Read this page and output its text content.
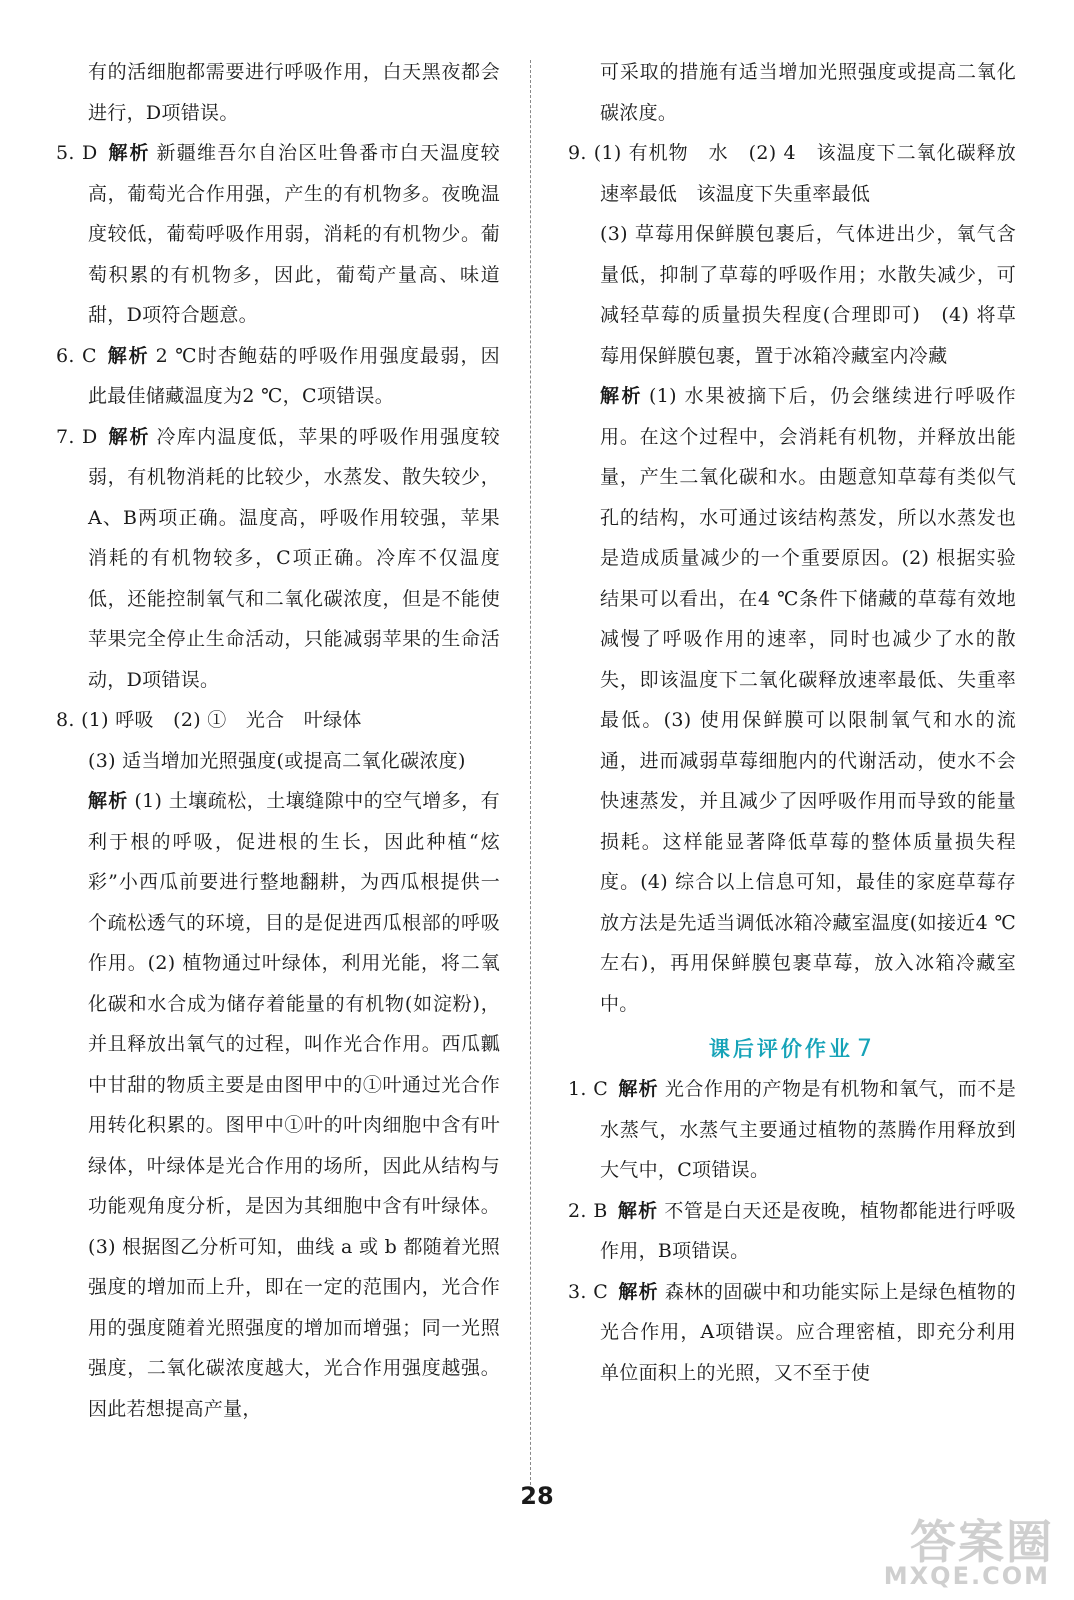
有的活细胞都需要进行呼吸作用，白天黑夜都会进行，D项错误。

5. D 解析 新疆维吾尔自治区吐鲁番市白天温度较高，葡萄光合作用强，产生的有机物多。夜晚温度较低，葡萄呼吸作用弱，消耗的有机物少。葡萄积累的有机物多，因此，葡萄产量高、味道甜，D项符合题意。

6. C 解析 2 ℃时杏鲍菇的呼吸作用强度最弱，因此最佳储藏温度为2 ℃，C项错误。

7. D 解析 冷库内温度低，苹果的呼吸作用强度较弱，有机物消耗的比较少，水蒸发、散失较少，A、B两项正确。温度高，呼吸作用较强，苹果消耗的有机物较多，C项正确。冷库不仅温度低，还能控制氧气和二氧化碳浓度，但是不能使苹果完全停止生命活动，只能减弱苹果的生命活动，D项错误。

8. (1) 呼吸　(2) ①　光合　叶绿体

(3) 适当增加光照强度(或提高二氧化碳浓度)

解析 (1) 土壤疏松，土壤缝隙中的空气增多，有利于根的呼吸，促进根的生长，因此种植“炫彩”小西瓜前要进行整地翻耕，为西瓜根提供一个疏松透气的环境，目的是促进西瓜根部的呼吸作用。(2) 植物通过叶绿体，利用光能，将二氧化碳和水合成为储存着能量的有机物(如淀粉)，并且释放出氧气的过程，叫作光合作用。西瓜瓤中甘甜的物质主要是由图甲中的①叶通过光合作用转化积累的。图甲中①叶的叶肉细胞中含有叶绿体，叶绿体是光合作用的场所，因此从结构与功能观角度分析，是因为其细胞中含有叶绿体。(3) 根据图乙分析可知，曲线 a 或 b 都随着光照强度的增加而上升，即在一定的范围内，光合作用的强度随着光照强度的增加而增强；同一光照强度，二氧化碳浓度越大，光合作用强度越强。因此若想提高产量，

可采取的措施有适当增加光照强度或提高二氧化碳浓度。

9. (1) 有机物　水　(2) 4　该温度下二氧化碳释放速率最低　该温度下失重率最低

(3) 草莓用保鲜膜包裹后，气体进出少，氧气含量低，抑制了草莓的呼吸作用；水散失减少，可减轻草莓的质量损失程度(合理即可)　(4) 将草莓用保鲜膜包裹，置于冰箱冷藏室内冷藏

解析 (1) 水果被摘下后，仍会继续进行呼吸作用。在这个过程中，会消耗有机物，并释放出能量，产生二氧化碳和水。由题意知草莓有类似气孔的结构，水可通过该结构蒸发，所以水蒸发也是造成质量减少的一个重要原因。(2) 根据实验结果可以看出，在4 ℃条件下储藏的草莓有效地减慢了呼吸作用的速率，同时也减少了水的散失，即该温度下二氧化碳释放速率最低、失重率最低。(3) 使用保鲜膜可以限制氧气和水的流通，进而减弱草莓细胞内的代谢活动，使水不会快速蒸发，并且减少了因呼吸作用而导致的能量损耗。这样能显著降低草莓的整体质量损失程度。(4) 综合以上信息可知，最佳的家庭草莓存放方法是先适当调低冰箱冷藏室温度(如接近4 ℃左右)，再用保鲜膜包裹草莓，放入冰箱冷藏室中。

课后评价作业 7

1. C 解析 光合作用的产物是有机物和氧气，而不是水蒸气，水蒸气主要通过植物的蒸腾作用释放到大气中，C项错误。

2. B 解析 不管是白天还是夜晚，植物都能进行呼吸作用，B项错误。

3. C 解析 森林的固碳中和功能实际上是绿色植物的光合作用，A项错误。应合理密植，即充分利用单位面积上的光照，又不至于使

28
答案圈
MXQE.COM
